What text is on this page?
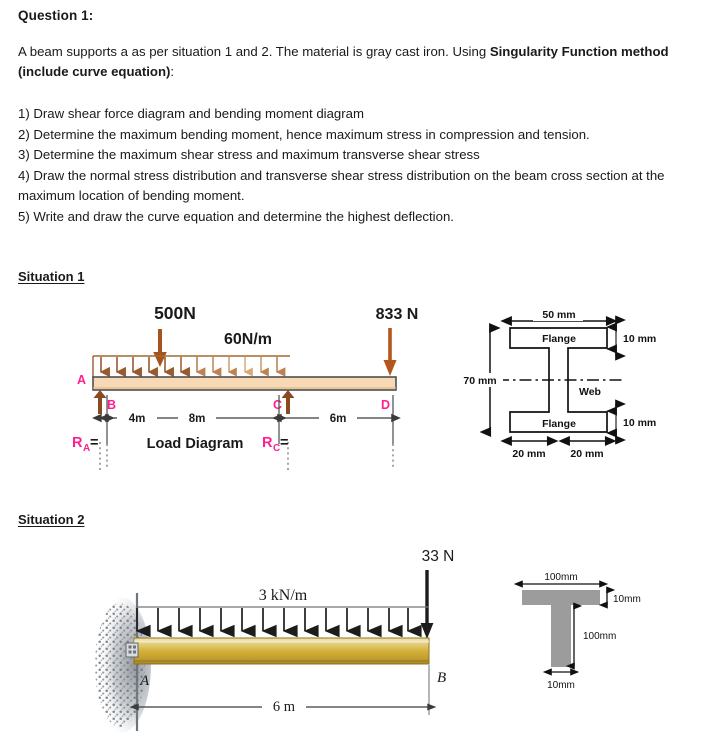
Question 1:
A beam supports a as per situation 1 and 2. The material is gray cast iron. Using Singularity Function method (include curve equation):
1) Draw shear force diagram and bending moment diagram
2) Determine the maximum bending moment, hence maximum stress in compression and tension.
3) Determine the maximum shear stress and maximum transverse shear stress
4) Draw the normal stress distribution and transverse shear stress distribution on the beam cross section at the maximum location of bending moment.
5) Write and draw the curve equation and determine the highest deflection.
Situation 1
Situation 2
500N
60N/m
833 N
A
B	C	D
4m	8m	6m
R A =	R C =
Load Diagram
50 mm
Flange
Flange
Web
70 mm
10 mm
10 mm
20 mm 20 mm
33 N
3 kN/m
A	B
6 m
100mm
10mm
100mm
10mm
